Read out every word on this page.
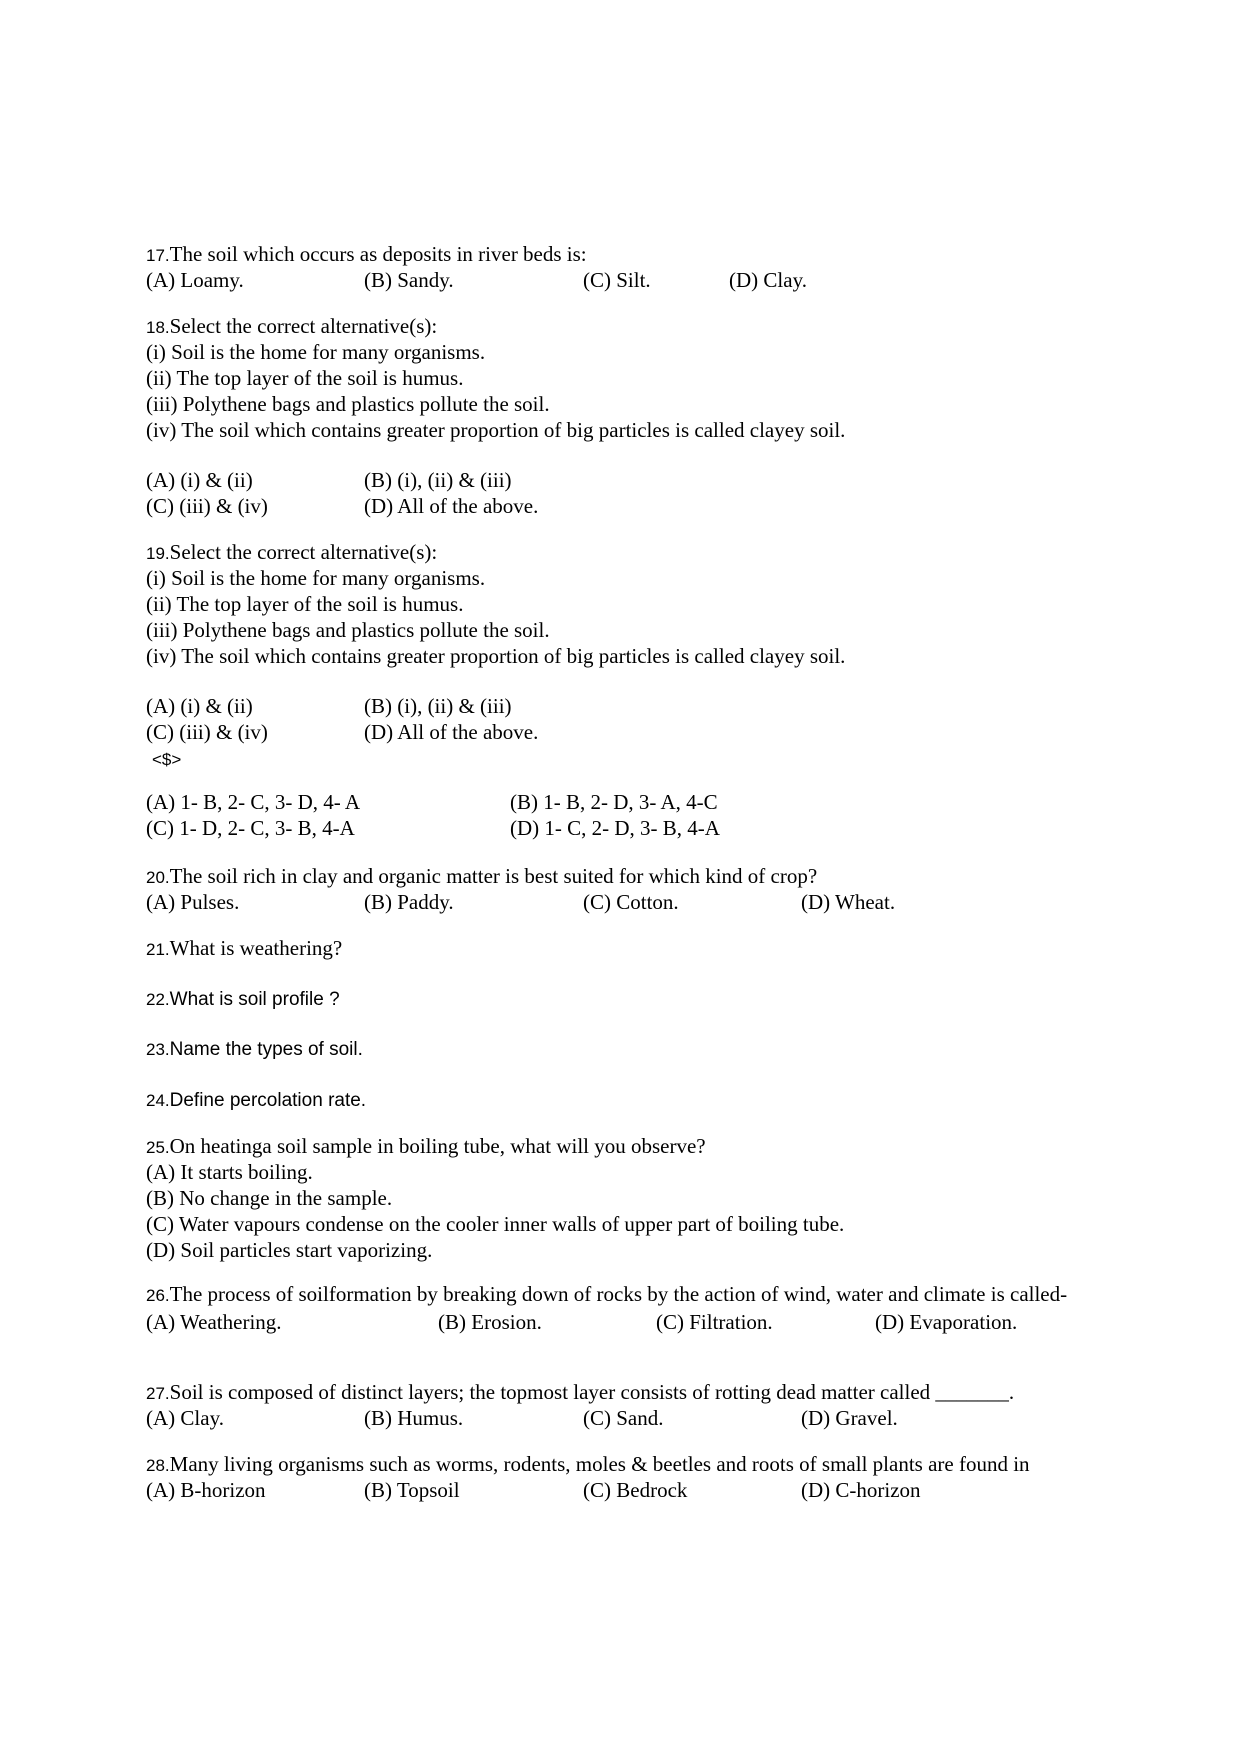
17.The soil which occurs as deposits in river beds is:
(A) Loamy.	(B) Sandy.	(C) Silt.	(D) Clay.
18.Select the correct alternative(s):
(i) Soil is the home for many organisms.
(ii) The top layer of the soil is humus.
(iii) Polythene bags and plastics pollute the soil.
(iv) The soil which contains greater proportion of big particles is called clayey soil.
(A) (i) & (ii)	(B) (i), (ii) & (iii)
(C) (iii) & (iv)	(D) All of the above.
19.Select the correct alternative(s):
(i) Soil is the home for many organisms.
(ii) The top layer of the soil is humus.
(iii) Polythene bags and plastics pollute the soil.
(iv) The soil which contains greater proportion of big particles is called clayey soil.
(A) (i) & (ii)	(B) (i), (ii) & (iii)
(C) (iii) & (iv)	(D) All of the above.
<$>
(A) 1- B, 2- C, 3- D, 4- A	(B) 1- B, 2- D, 3- A, 4-C
(C) 1- D, 2- C, 3- B, 4-A	(D) 1- C, 2- D, 3- B, 4-A
20.The soil rich in clay and organic matter is best suited for which kind of crop?
(A) Pulses.	(B) Paddy.	(C) Cotton.	(D) Wheat.
21.What is weathering?
22.What is soil profile ?
23.Name the types of soil.
24.Define percolation rate.
25.On heatinga soil sample in boiling tube, what will you observe?
(A) It starts boiling.
(B) No change in the sample.
(C) Water vapours condense on the cooler inner walls of upper part of boiling tube.
(D) Soil particles start vaporizing.
26.The process of soilformation by breaking down of rocks by the action of wind, water and climate is called-
(A) Weathering.	(B) Erosion.	(C) Filtration.	(D) Evaporation.
27.Soil is composed of distinct layers; the topmost layer consists of rotting dead matter called _______.
(A) Clay.	(B) Humus.	(C) Sand.	(D) Gravel.
28.Many living organisms such as worms, rodents, moles & beetles and roots of small plants are found in
(A) B-horizon	(B) Topsoil	(C) Bedrock	(D) C-horizon
